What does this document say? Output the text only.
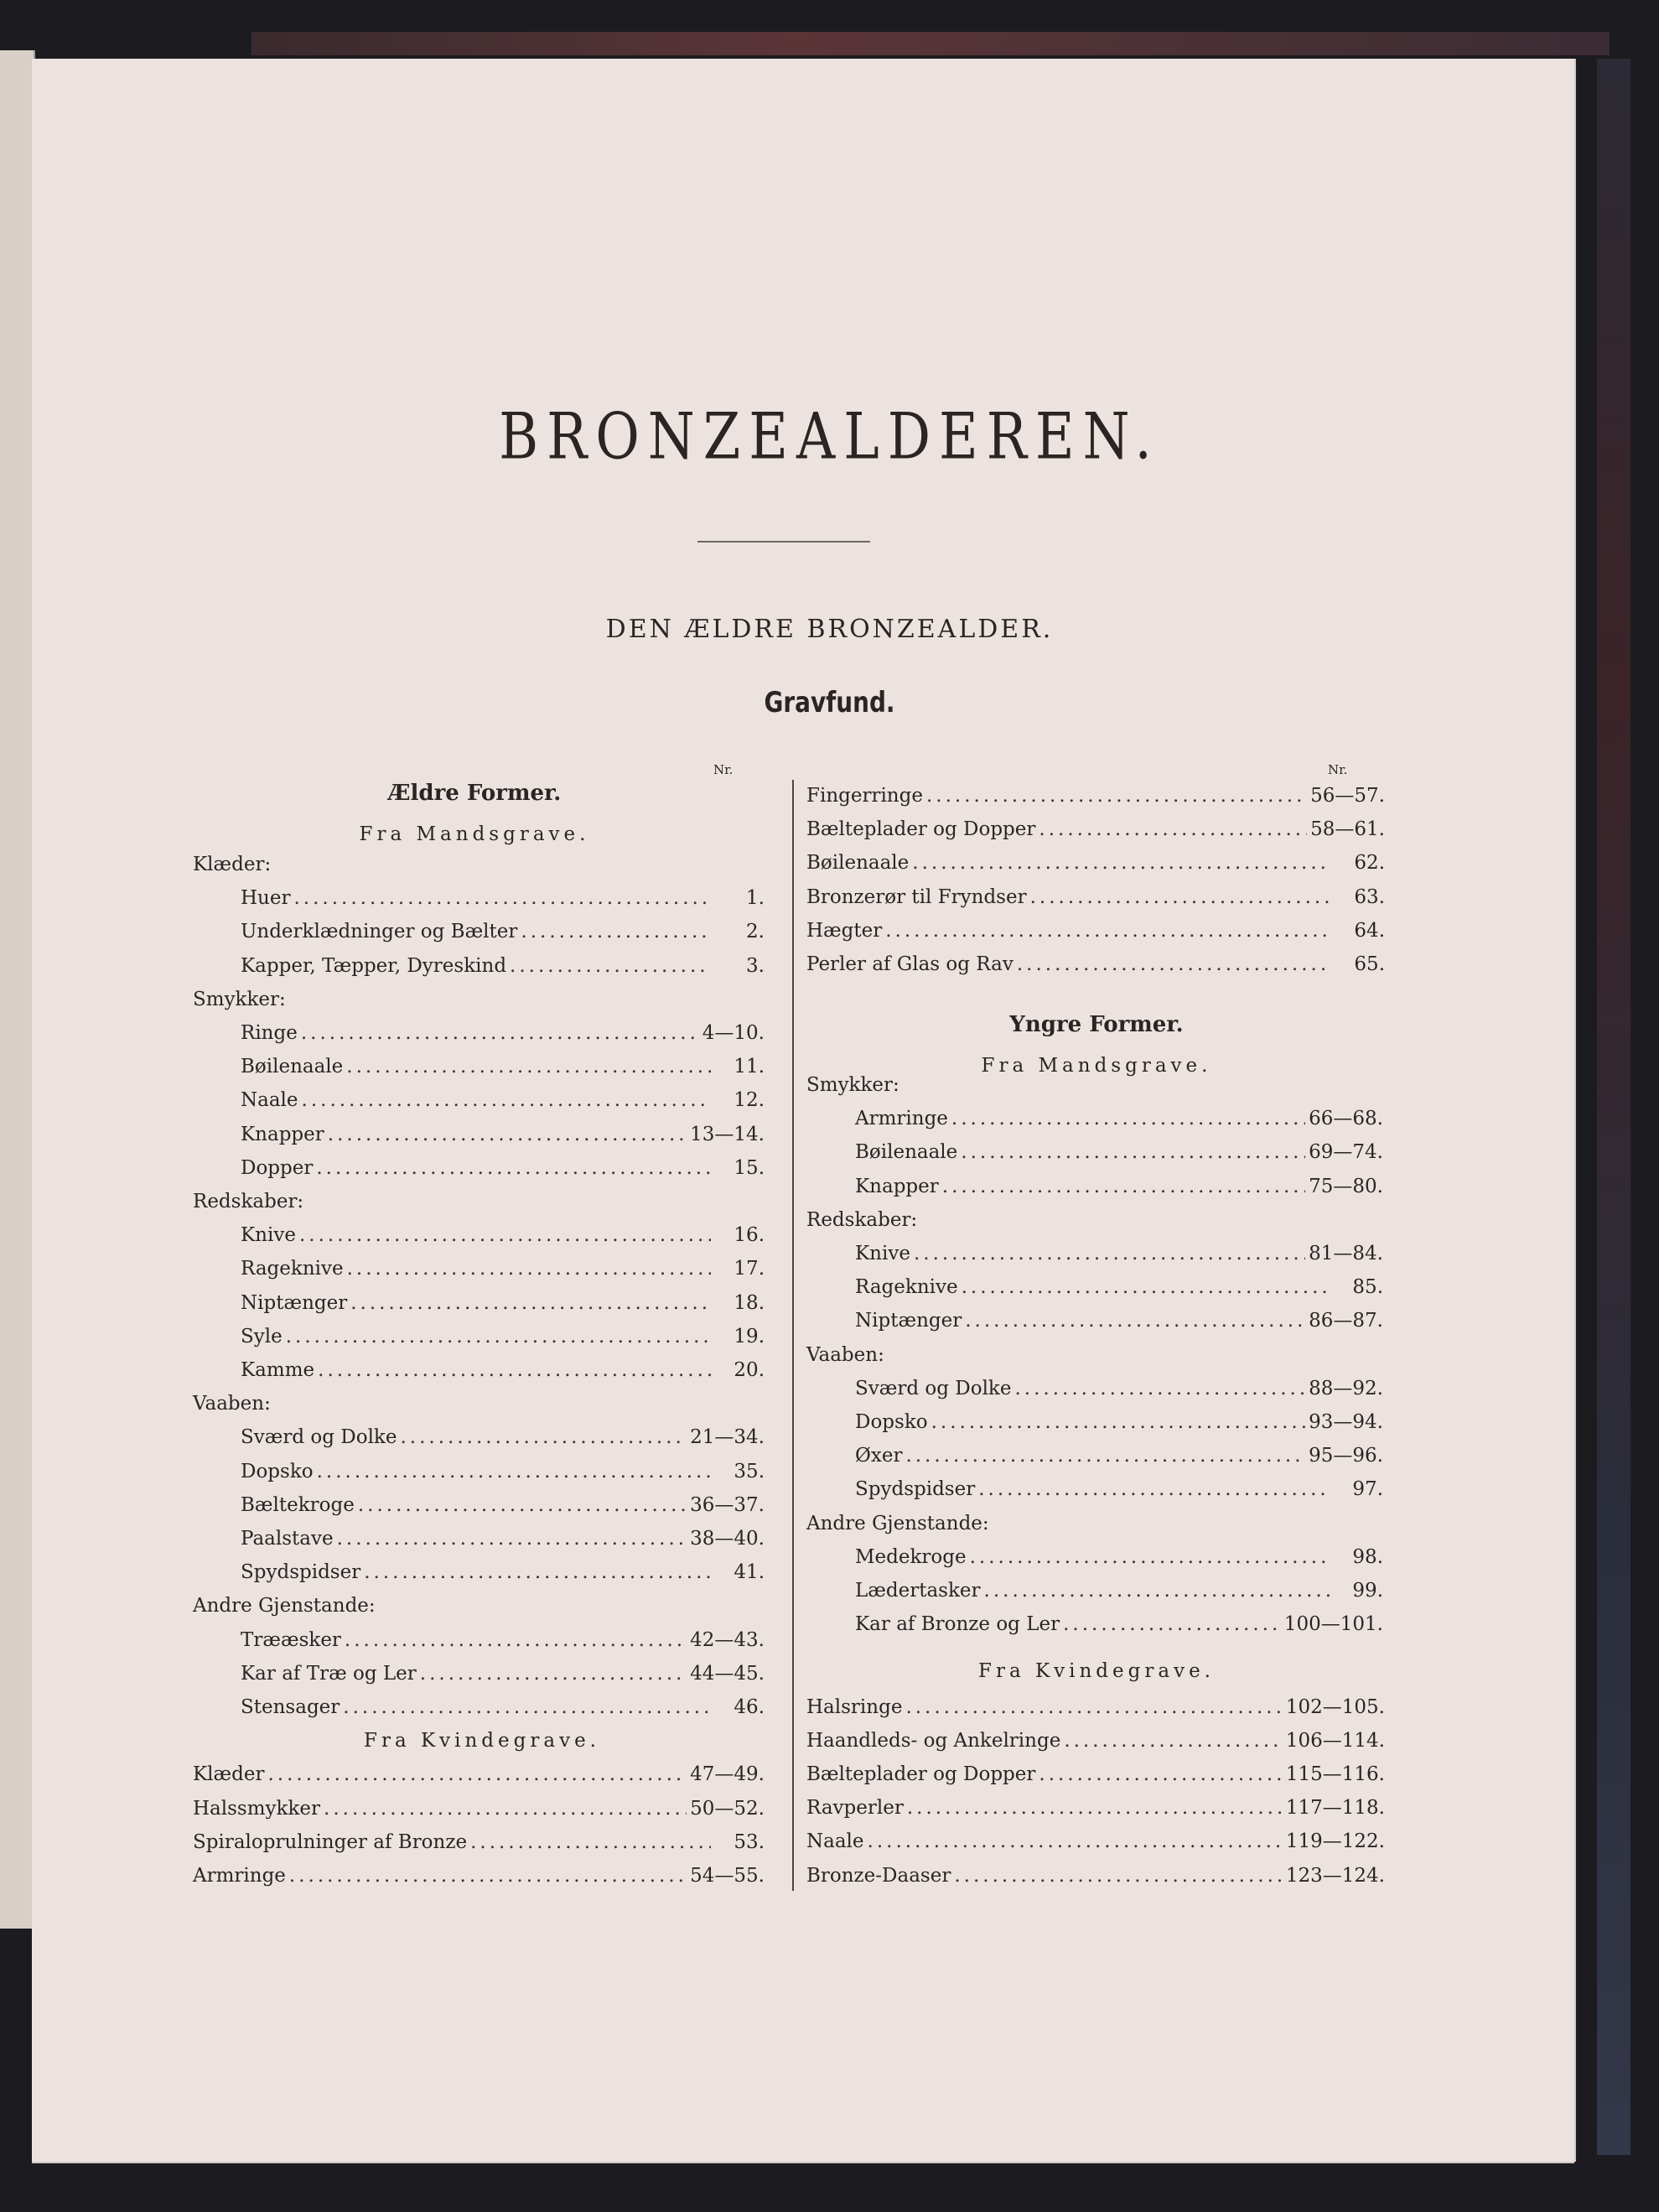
BRONZEALDEREN.
DEN ÆLDRE BRONZEALDER.
Gravfund.
Nr.
Ældre Former.
Fra Mandsgrave.
Klæder:
Huer .....	1.
Underklædninger og Bælter .....	2.
Kapper, Tæpper, Dyreskind .....	3.
Smykker:
Ringe .....	4—10.
Bøilenaale .....	11.
Naale .....	12.
Knapper .....	13—14.
Dopper .....	15.
Redskaber:
Knive .....	16.
Rageknive .....	17.
Niptænger .....	18.
Syle .....	19.
Kamme .....	20.
Vaaben:
Sværd og Dolke .....	21—34.
Dopsko .....	35.
Bæltekroge .....	36—37.
Paalstave .....	38—40.
Spydspidser .....	41.
Andre Gjenstande:
Trææsker .....	42—43.
Kar af Træ og Ler .....	44—45.
Stensager .....	46.
Fra Kvindegrave.
Klæder .....	47—49.
Halssmykker .....	50—52.
Spiraloprulninger af Bronze .....	53.
Armringe .....	54—55.
Nr.
Fingerringe .....	56—57.
Bælteplader og Dopper .....	58—61.
Bøilenaale .....	62.
Bronzerør til Fryndser .....	63.
Hægter .....	64.
Perler af Glas og Rav .....	65.
Yngre Former.
Fra Mandsgrave.
Smykker:
Armringe .....	66—68.
Bøilenaale .....	69—74.
Knapper .....	75—80.
Redskaber:
Knive .....	81—84.
Rageknive .....	85.
Niptænger .....	86—87.
Vaaben:
Sværd og Dolke .....	88—92.
Dopsko .....	93—94.
Øxer .....	95—96.
Spydspidser .....	97.
Andre Gjenstande:
Medekroge .....	98.
Lædertasker .....	99.
Kar af Bronze og Ler .....	100—101.
Fra Kvindegrave.
Halsringe .....	102—105.
Haandleds- og Ankelringe .....	106—114.
Bælteplader og Dopper .....	115—116.
Ravperler .....	117—118.
Naale .....	119—122.
Bronze-Daaser .....	123—124.
